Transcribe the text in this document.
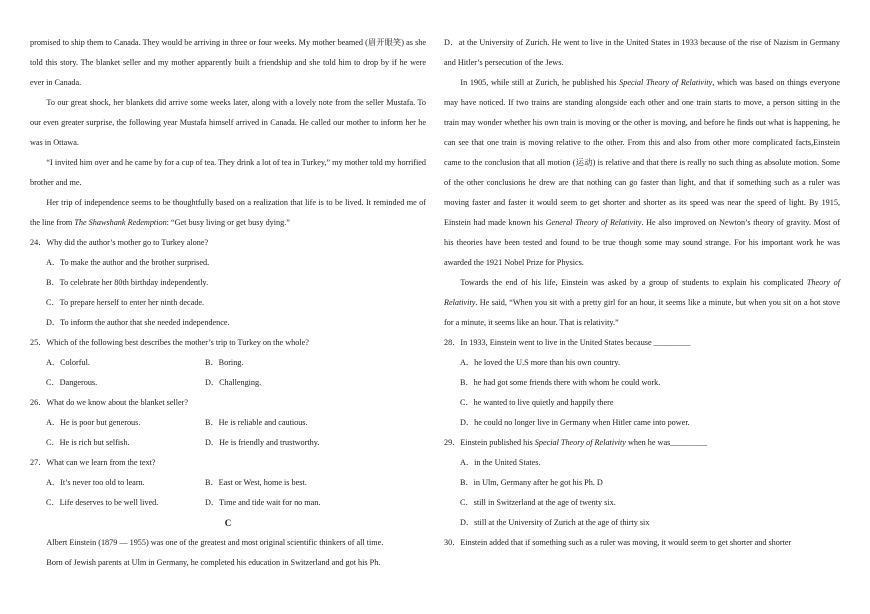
promised to ship them to Canada. They would be arriving in three or four weeks. My mother beamed (眉开眼笑) as she told this story. The blanket seller and my mother apparently built a friendship and she told him to drop by if he were ever in Canada.

To our great shock, her blankets did arrive some weeks later, along with a lovely note from the seller Mustafa. To our even greater surprise, the following year Mustafa himself arrived in Canada. He called our mother to inform her he was in Ottawa.

“I invited him over and he came by for a cup of tea. They drink a lot of tea in Turkey,” my mother told my horrified brother and me.

Her trip of independence seems to be thoughtfully based on a realization that life is to be lived. It reminded me of the line from The Shawshank Redemption: “Get busy living or get busy dying.”

24．Why did the author’s mother go to Turkey alone?

A．To make the author and the brother surprised.

B．To celebrate her 80th birthday independently.

C．To prepare herself to enter her ninth decade.

D．To inform the author that she needed independence.

25．Which of the following best describes the mother’s trip to Turkey on the whole?

A．Colorful.	B．Boring.
C．Dangerous.	D．Challenging.

26．What do we know about the blanket seller?

A．He is poor but generous.	B．He is reliable and cautious.
C．He is rich but selfish.	D．He is friendly and trustworthy.

27．What can we learn from the text?

A．It’s never too old to learn.	B．East or West, home is best.
C．Life deserves to be well lived.	D．Time and tide wait for no man.

C

Albert Einstein (1879 — 1955) was one of the greatest and most original scientific thinkers of all time.

Born of Jewish parents at Ulm in Germany, he completed his education in Switzerland and got his Ph.

D．at the University of Zurich. He went to live in the United States in 1933 because of the rise of Nazism in Germany and Hitler’s persecution of the Jews.

In 1905, while still at Zurich, he published his Special Theory of Relativity, which was based on things everyone may have noticed. If two trains are standing alongside each other and one train starts to move, a person sitting in the train may wonder whether his own train is moving or the other is moving, and before he finds out what is happening, he can see that one train is moving relative to the other. From this and also from other more complicated facts,Einstein came to the conclusion that all motion (运动) is relative and that there is really no such thing as absolute motion. Some of the other conclusions he drew are that nothing can go faster than light, and that if something such as a ruler was moving faster and faster it would seem to get shorter and shorter as its speed was near the speed of light. By 1915, Einstein had made known his General Theory of Relativity. He also improved on Newton’s theory of gravity. Most of his theories have been tested and found to be true though some may sound strange. For his important work he was awarded the 1921 Nobel Prize for Physics.

Towards the end of his life, Einstein was asked by a group of students to explain his complicated Theory of Relativity. He said, “When you sit with a pretty girl for an hour, it seems like a minute, but when you sit on a hot stove for a minute, it seems like an hour. That is relativity.”

28．In 1933, Einstein went to live in the United States because _________

A．he loved the U.S more than his own country.

B．he had got some friends there with whom he could work.

C．he wanted to live quietly and happily there

D．he could no longer live in Germany when Hitler came into power.

29．Einstein published his Special Theory of Relativity when he was_________

A．in the United States.

B．in Ulm, Germany after he got his Ph. D

C．still in Switzerland at the age of twenty six.

D．still at the University of Zurich at the age of thirty six

30．Einstein added that if something such as a ruler was moving, it would seem to get shorter and shorter
